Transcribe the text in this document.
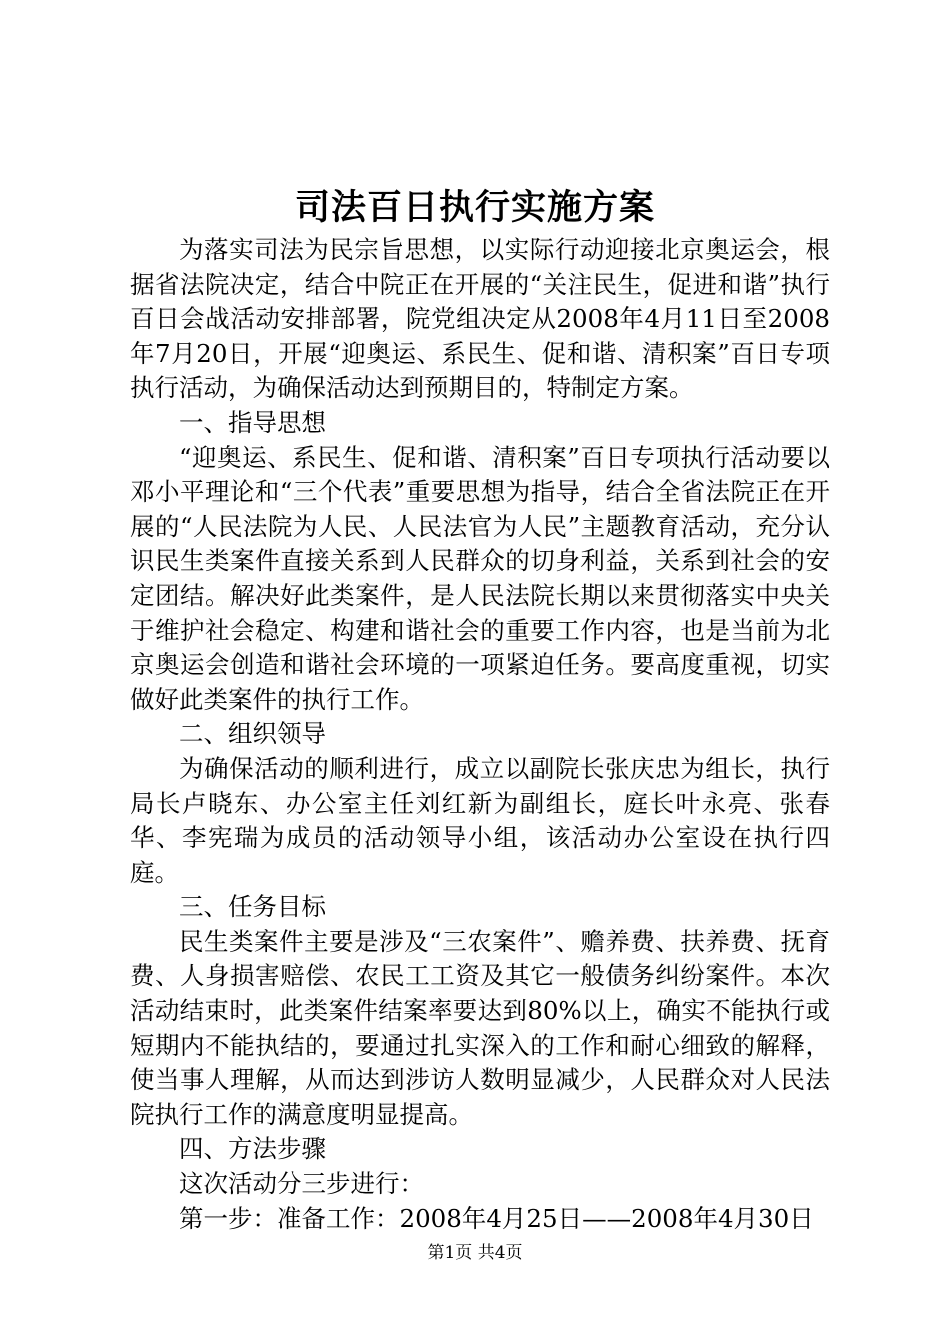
司法百日执行实施方案

为落实司法为民宗旨思想，以实际行动迎接北京奥运会，根据省法院决定，结合中院正在开展的“关注民生，促进和谐”执行百日会战活动安排部署，院党组决定从2008年4月11日至2008年7月20日，开展“迎奥运、系民生、促和谐、清积案”百日专项执行活动，为确保活动达到预期目的，特制定方案。

一、指导思想

“迎奥运、系民生、促和谐、清积案”百日专项执行活动要以邓小平理论和“三个代表”重要思想为指导，结合全省法院正在开展的“人民法院为人民、人民法官为人民”主题教育活动，充分认识民生类案件直接关系到人民群众的切身利益，关系到社会的安定团结。解决好此类案件，是人民法院长期以来贯彻落实中央关于维护社会稳定、构建和谐社会的重要工作内容，也是当前为北京奥运会创造和谐社会环境的一项紧迫任务。要高度重视，切实做好此类案件的执行工作。

二、组织领导

为确保活动的顺利进行，成立以副院长张庆忠为组长，执行局长卢晓东、办公室主任刘红新为副组长，庭长叶永亮、张春华、李宪瑞为成员的活动领导小组，该活动办公室设在执行四庭。

三、任务目标

民生类案件主要是涉及“三农案件”、赡养费、扶养费、抚育费、人身损害赔偿、农民工工资及其它一般债务纠纷案件。本次活动结束时，此类案件结案率要达到80%以上，确实不能执行或短期内不能执结的，要通过扎实深入的工作和耐心细致的解释，使当事人理解，从而达到涉访人数明显减少，人民群众对人民法院执行工作的满意度明显提高。

四、方法步骤

这次活动分三步进行：

第一步：准备工作：2008年4月25日——2008年4月30日

第1页 共4页
